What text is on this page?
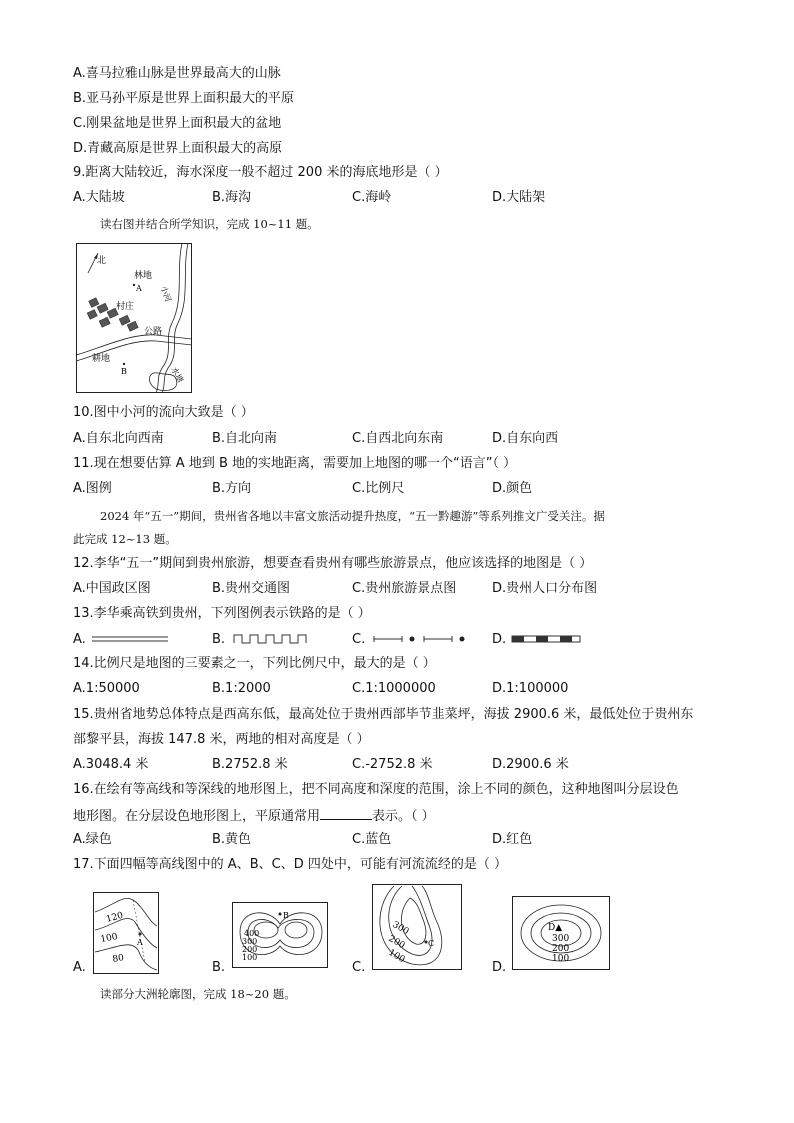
A.喜马拉雅山脉是世界最高大的山脉
B.亚马孙平原是世界上面积最大的平原
C.刚果盆地是世界上面积最大的盆地
D.青藏高原是世界上面积最大的高原
9.距离大陆较近，海水深度一般不超过 200 米的海底地形是（ ）
A.大陆坡	B.海沟	C.海岭	D.大陆架
读右图并结合所学知识，完成 10~11 题。
北
林地
A
村庄
公路
小河
耕地
B	水塘
10.图中小河的流向大致是（ ）
A.自东北向西南	B.自北向南	C.自西北向东南	D.自东向西
11.现在想要估算 A 地到 B 地的实地距离，需要加上地图的哪一个“语言”（ ）
A.图例	B.方向	C.比例尺	D.颜色
2024 年“五一”期间，贵州省各地以丰富文旅活动提升热度，“五一黔趣游”等系列推文广受关注。据
此完成 12~13 题。
12.李华“五一”期间到贵州旅游，想要查看贵州有哪些旅游景点，他应该选择的地图是（ ）
A.中国政区图	B.贵州交通图	C.贵州旅游景点图	D.贵州人口分布图
13.李华乘高铁到贵州，下列图例表示铁路的是（ ）
A.	B.	C.	D.
14.比例尺是地图的三要素之一，下列比例尺中，最大的是（ ）
A.1:50000	B.1:2000	C.1:1000000	D.1:100000
15.贵州省地势总体特点是西高东低，最高处位于贵州西部毕节韭菜坪，海拔 2900.6 米，最低处位于贵州东
部黎平县，海拔 147.8 米，两地的相对高度是（ ）
A.3048.4 米	B.2752.8 米	C.-2752.8 米	D.2900.6 米
16.在绘有等高线和等深线的地形图上，把不同高度和深度的范围，涂上不同的颜色，这种地图叫分层设色
地形图。在分层设色地形图上，平原通常用	表示。（ ）
A.绿色	B.黄色	C.蓝色	D.红色
17.下面四幅等高线图中的 A、B、C、D 四处中，可能有河流流经的是（ ）
A.
120
100
80
A
B.
400
300
200
100
B
C.
300
200
100
C
D.
D▲
300
200
100
读部分大洲轮廓图，完成 18~20 题。
